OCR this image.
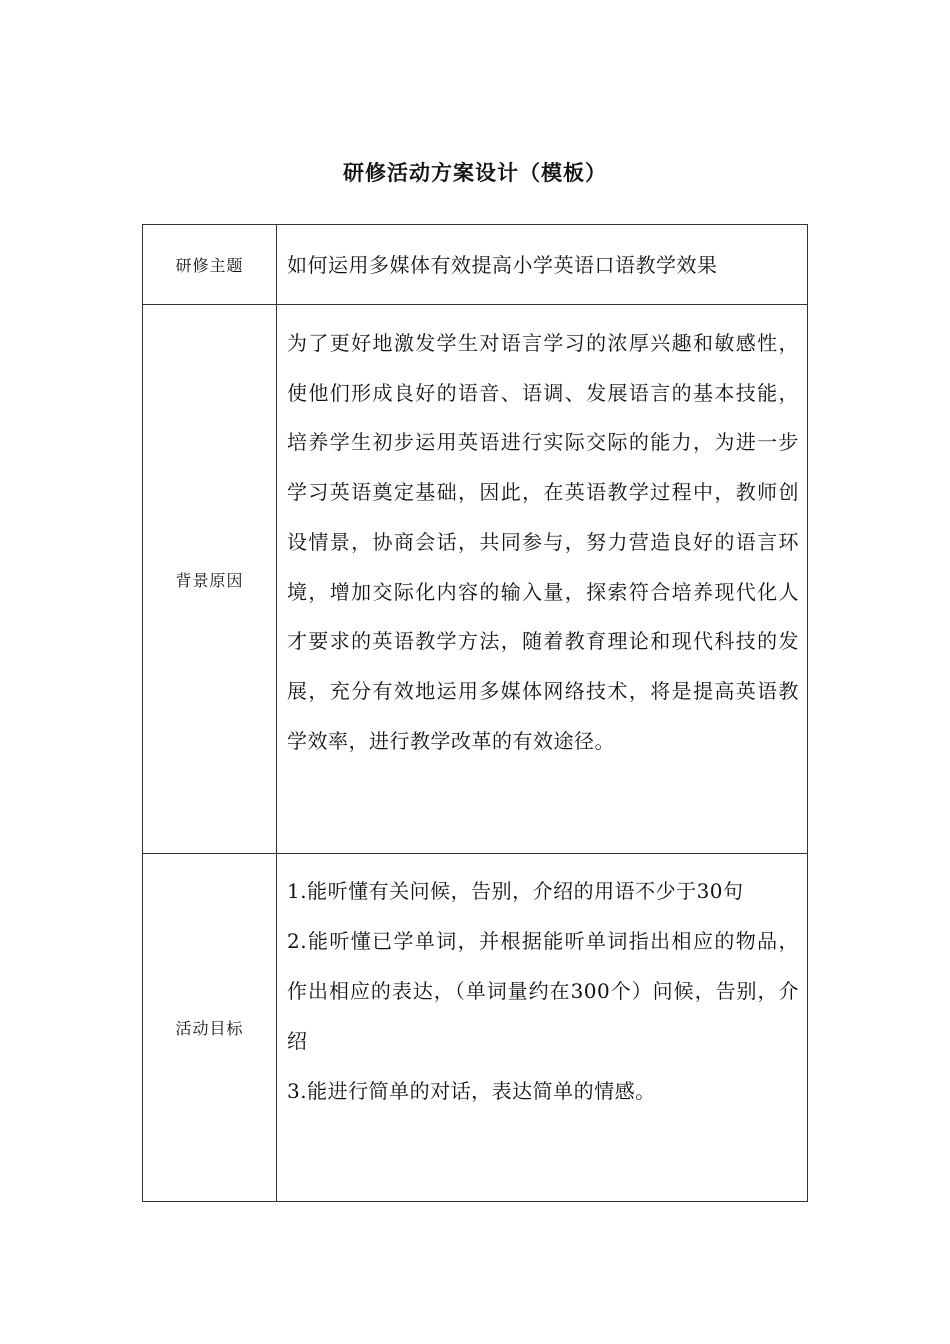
研修活动方案设计（模板）
研修主题	如何运用多媒体有效提高小学英语口语教学效果
背景原因	为了更好地激发学生对语言学习的浓厚兴趣和敏感性，使他们形成良好的语音、语调、发展语言的基本技能，培养学生初步运用英语进行实际交际的能力，为进一步学习英语奠定基础，因此，在英语教学过程中，教师创设情景，协商会话，共同参与，努力营造良好的语言环境，增加交际化内容的输入量，探索符合培养现代化人才要求的英语教学方法，随着教育理论和现代科技的发展，充分有效地运用多媒体网络技术，将是提高英语教学效率，进行教学改革的有效途径。
活动目标	1.能听懂有关问候，告别，介绍的用语不少于30句
2.能听懂已学单词，并根据能听单词指出相应的物品，作出相应的表达，（单词量约在300个）问候，告别，介绍
3.能进行简单的对话，表达简单的情感。
